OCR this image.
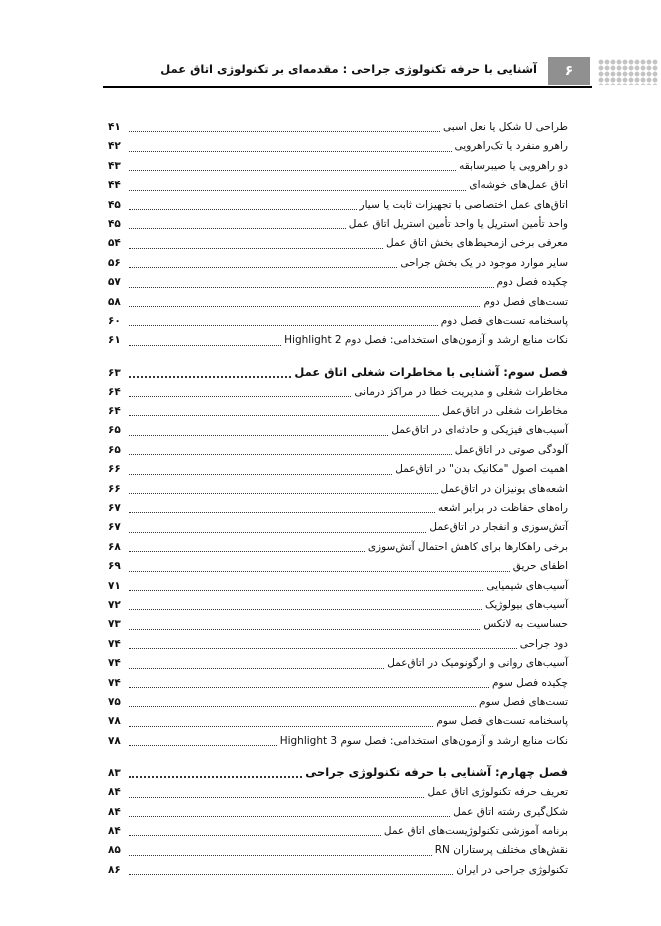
۶
آشنایی با حرفه تکنولوژی جراحی : مقدمه‌ای بر تکنولوژی اتاق عمل
طراحی U شکل یا نعل اسبی
۴۱
راهرو منفرد یا تک‌راهرویی
۴۲
دو راهرویی یا صیبرسابقه
۴۳
اتاق عمل‌های خوشه‌ای
۴۴
اتاق‌های عمل اختصاصی با تجهیزات ثابت یا سیار
۴۵
واحد تأمین استریل یا واحد تأمین استریل اتاق عمل
۴۵
معرفی برخی ازمحیط‌های بخش اتاق عمل
۵۴
سایر موارد موجود در یک بخش جراحی
۵۶
چکیده فصل دوم
۵۷
تست‌های فصل دوم
۵۸
پاسخنامه تست‌های فصل دوم
۶۰
نکات منابع ارشد و آزمون‌های استخدامی: فصل دوم Highlight 2
۶۱
فصل سوم: آشنایی با مخاطرات شغلی اتاق عمل
۶۳
مخاطرات شغلی و مدیریت خطا در مراکز درمانی
۶۴
مخاطرات شغلی در اتاق‌عمل
۶۴
آسیب‌های فیزیکی و حادثه‌ای در اتاق‌عمل
۶۵
آلودگی صوتی در اتاق‌عمل
۶۵
اهمیت اصول "مکانیک بدن" در اتاق‌عمل
۶۶
اشعه‌های یونیزان در اتاق‌عمل
۶۶
راه‌های حفاظت در برابر اشعه
۶۷
آتش‌سوزی و انفجار در اتاق‌عمل
۶۷
برخی راهکارها برای کاهش احتمال آتش‌سوزی
۶۸
اطفای حریق
۶۹
آسیب‌های شیمیایی
۷۱
آسیب‌های بیولوژیک
۷۲
حساسیت به لاتکس
۷۳
دود جراحی
۷۴
آسیب‌های روانی و ارگونومیک در اتاق‌عمل
۷۴
چکیده فصل سوم
۷۴
تست‌های فصل سوم
۷۵
پاسخنامه تست‌های فصل سوم
۷۸
نکات منابع ارشد و آزمون‌های استخدامی: فصل سوم Highlight 3
۷۸
فصل چهارم: آشنایی با حرفه تکنولوژی جراحی
۸۳
تعریف حرفه تکنولوژی اتاق عمل
۸۴
شکل‌گیری رشته اتاق عمل
۸۴
برنامه آموزشی تکنولوژیست‌های اتاق عمل
۸۴
نقش‌های مختلف پرستاران RN
۸۵
تکنولوژی جراحی در ایران
۸۶
